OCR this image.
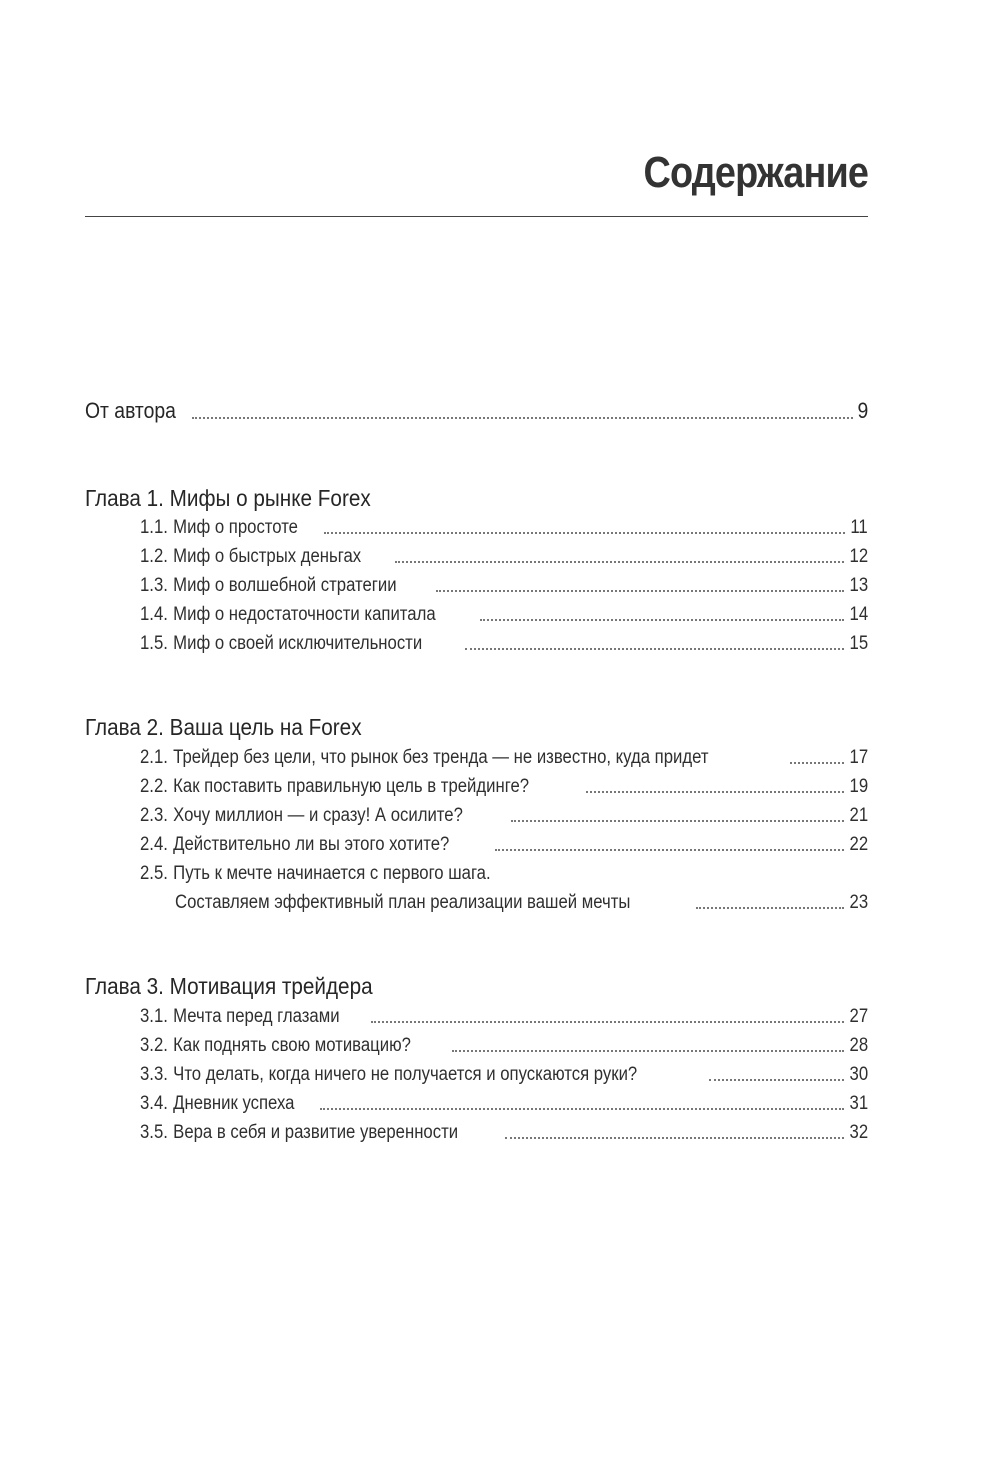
Содержание
От автора	9
Глава 1. Мифы о рынке Forex
1.1. Миф о простоте	11
1.2. Миф о быстрых деньгах	12
1.3. Миф о волшебной стратегии	13
1.4. Миф о недостаточности капитала	14
1.5. Миф о своей исключительности	15
Глава 2. Ваша цель на Forex
2.1. Трейдер без цели, что рынок без тренда — не известно, куда придет	17
2.2. Как поставить правильную цель в трейдинге?	19
2.3. Хочу миллион — и сразу! А осилите?	21
2.4. Действительно ли вы этого хотите?	22
2.5. Путь к мечте начинается с первого шага.
Составляем эффективный план реализации вашей мечты	23
Глава 3. Мотивация трейдера
3.1. Мечта перед глазами	27
3.2. Как поднять свою мотивацию?	28
3.3. Что делать, когда ничего не получается и опускаются руки?	30
3.4. Дневник успеха	31
3.5. Вера в себя и развитие уверенности	32
